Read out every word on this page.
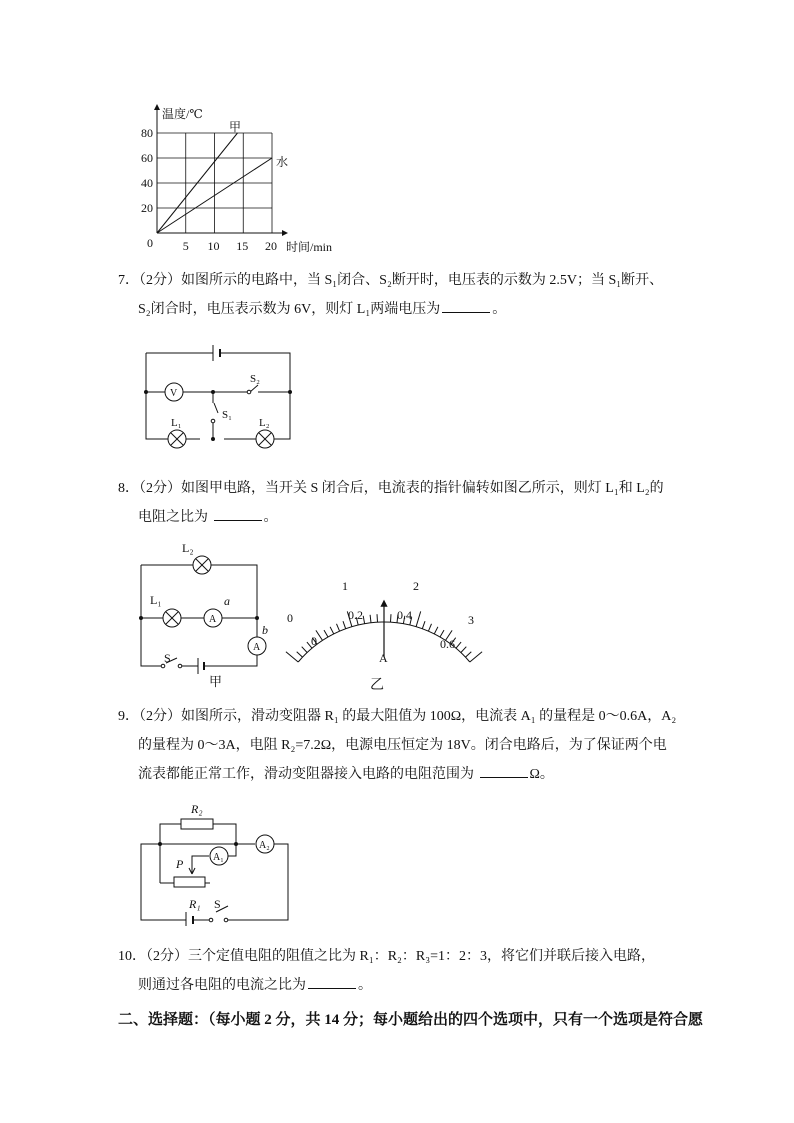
温度/℃
时间/min
0
20
40
60
80
5 10 15 20
甲
水

7．（2分）如图所示的电路中，当 S₁闭合、S₂断开时，电压表的示数为 2.5V；当 S₁断开、

S₂闭合时，电压表示数为 6V，则灯 L₁两端电压为	。

V
S₂
S₁
L₁	L₂

8．（2分）如图甲电路，当开关 S 闭合后，电流表的指针偏转如图乙所示，则灯 L₁和 L₂的

电阻之比为	。

A
A
L₂
L₁	a
b
S
甲
0
1	2
3
0
0.2	0.4
0.6
A
乙

9．（2分）如图所示，滑动变阻器 R₁ 的最大阻值为 100Ω，电流表 A₁ 的量程是 0～0.6A，A₂

的量程为 0～3A，电阻 R₂=7.2Ω，电源电压恒定为 18V。闭合电路后，为了保证两个电

流表都能正常工作，滑动变阻器接入电路的电阻范围为	Ω。

A₁
A₂
R₂
P
R₁ S

10．（2分）三个定值电阻的阻值之比为 R₁：R₂：R₃=1：2：3，将它们并联后接入电路，

则通过各电阻的电流之比为	。

二、选择题：（每小题 2 分，共 14 分；每小题给出的四个选项中，只有一个选项是符合愿
